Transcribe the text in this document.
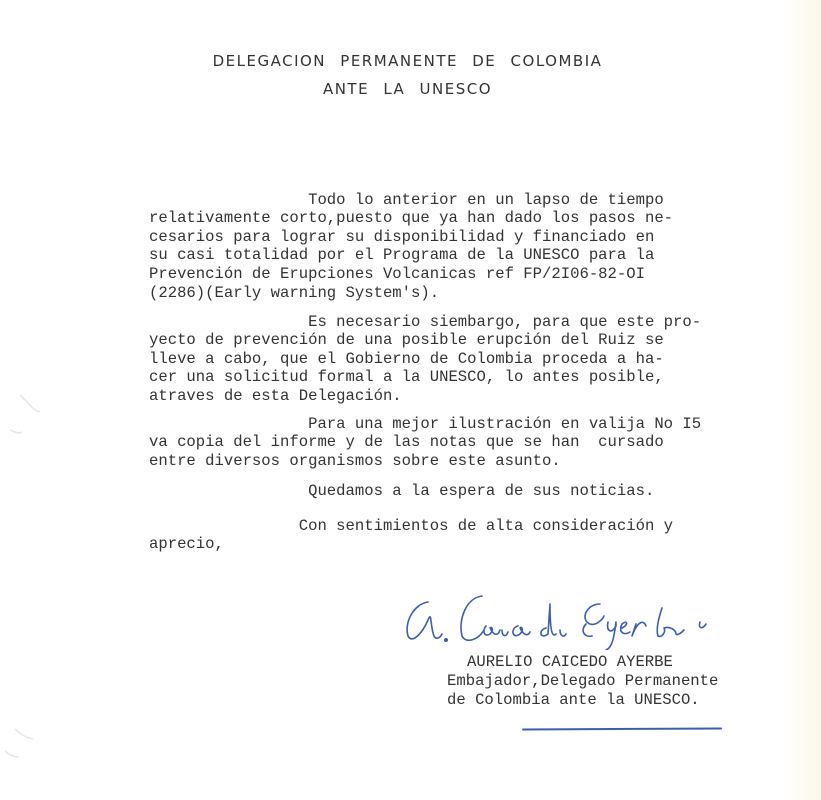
DELEGACION PERMANENTE DE COLOMBIA
ANTE LA UNESCO

Todo lo anterior en un lapso de tiempo
relativamente corto,puesto que ya han dado los pasos ne-
cesarios para lograr su disponibilidad y financiado en
su casi totalidad por el Programa de la UNESCO para la
Prevención de Erupciones Volcanicas ref FP/2I06-82-OI
(2286)(Early warning System's).

Es necesario siembargo, para que este pro-
yecto de prevención de una posible erupción del Ruiz se
lleve a cabo, que el Gobierno de Colombia proceda a ha-
cer una solicitud formal a la UNESCO, lo antes posible,
atraves de esta Delegación.

Para una mejor ilustración en valija No I5
va copia del informe y de las notas que se han  cursado
entre diversos organismos sobre este asunto.

Quedamos a la espera de sus noticias.

Con sentimientos de alta consideración y
aprecio,

AURELIO CAICEDO AYERBE
Embajador,Delegado Permanente
de Colombia ante la UNESCO.
